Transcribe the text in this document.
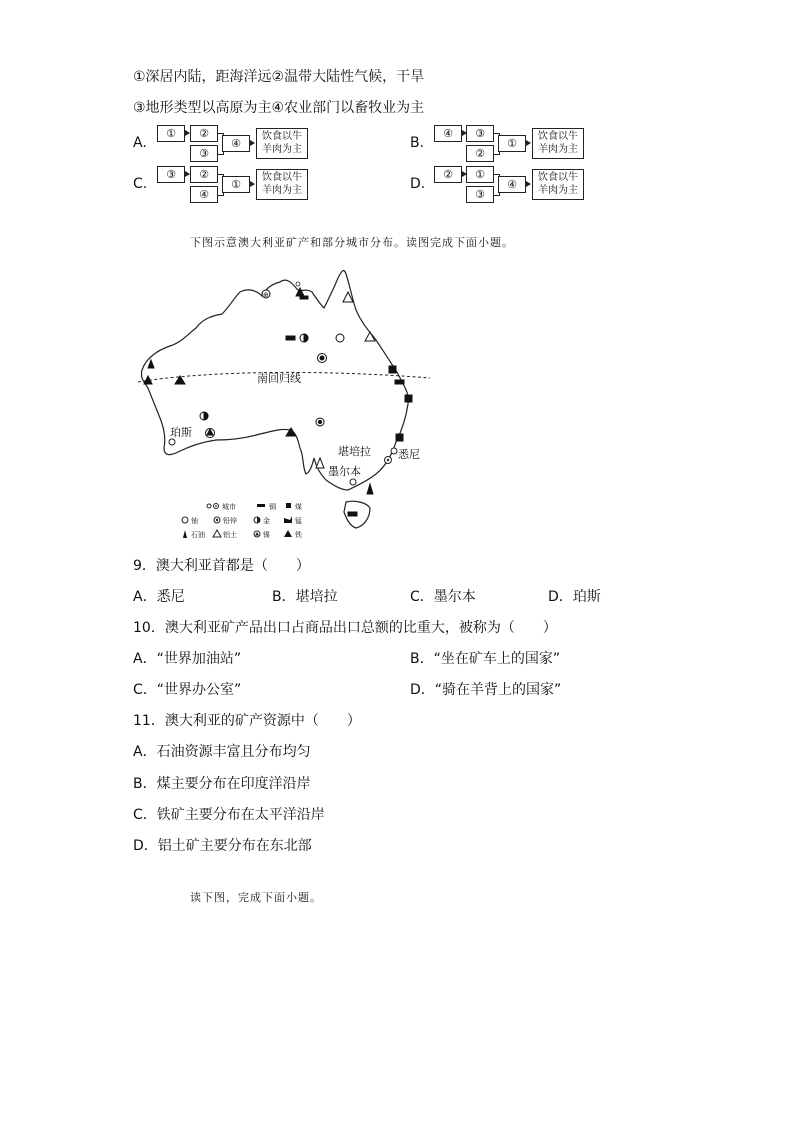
①深居内陆，距海洋远②温带大陆性气候，干旱
③地形类型以高原为主④农业部门以畜牧业为主
A.
①	②
③
④
饮食以牛
羊肉为主	B.
④	③
②
①
饮食以牛
羊肉为主
C.
③	②
④
①
饮食以牛
羊肉为主	D.
②	①
③
④
饮食以牛
羊肉为主
下图示意澳大利亚矿产和部分城市分布。读图完成下面小题。
南回归线
珀斯
堪培拉 悉尼
墨尔本
⊕
城市	铜	煤
铀	铅锌	金	锰
石油	铝土	镍	铁
9．澳大利亚首都是（　　）
A．悉尼	B．堪培拉	C．墨尔本	D．珀斯
10．澳大利亚矿产品出口占商品出口总额的比重大，被称为（　　）
A．“世界加油站”	B．“坐在矿车上的国家”
C．“世界办公室”	D．“骑在羊背上的国家”
11．澳大利亚的矿产资源中（　　）
A．石油资源丰富且分布均匀
B．煤主要分布在印度洋沿岸
C．铁矿主要分布在太平洋沿岸
D．铝土矿主要分布在东北部
读下图，完成下面小题。
